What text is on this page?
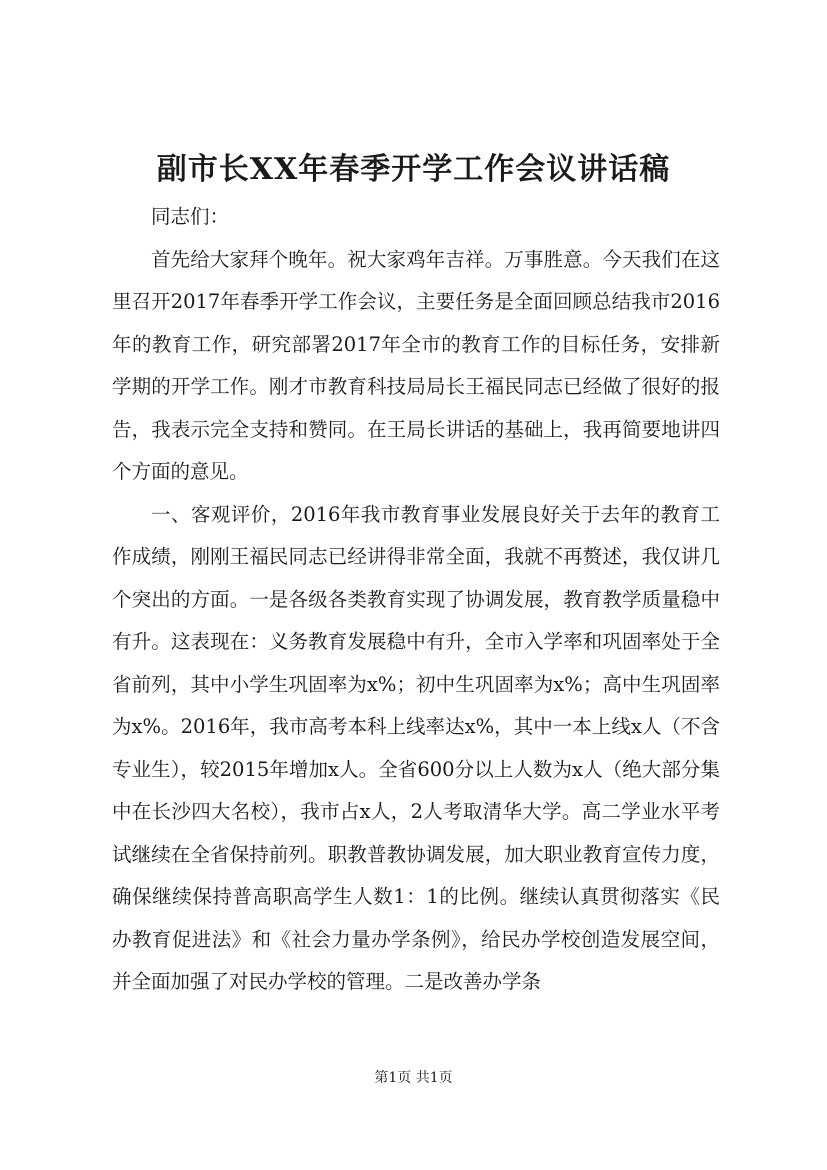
副市长XX年春季开学工作会议讲话稿

同志们：

首先给大家拜个晚年。祝大家鸡年吉祥。万事胜意。今天我们在这里召开2017年春季开学工作会议，主要任务是全面回顾总结我市2016年的教育工作，研究部署2017年全市的教育工作的目标任务，安排新学期的开学工作。刚才市教育科技局局长王福民同志已经做了很好的报告，我表示完全支持和赞同。在王局长讲话的基础上，我再简要地讲四个方面的意见。

一、客观评价，2016年我市教育事业发展良好关于去年的教育工作成绩，刚刚王福民同志已经讲得非常全面，我就不再赘述，我仅讲几个突出的方面。一是各级各类教育实现了协调发展，教育教学质量稳中有升。这表现在：义务教育发展稳中有升，全市入学率和巩固率处于全省前列，其中小学生巩固率为x%；初中生巩固率为x%；高中生巩固率为x%。2016年，我市高考本科上线率达x%，其中一本上线x人（不含专业生），较2015年增加x人。全省600分以上人数为x人（绝大部分集中在长沙四大名校），我市占x人，2人考取清华大学。高二学业水平考试继续在全省保持前列。职教普教协调发展，加大职业教育宣传力度，确保继续保持普高职高学生人数1：1的比例。继续认真贯彻落实《民办教育促进法》和《社会力量办学条例》，给民办学校创造发展空间，并全面加强了对民办学校的管理。二是改善办学条

第1页 共1页
